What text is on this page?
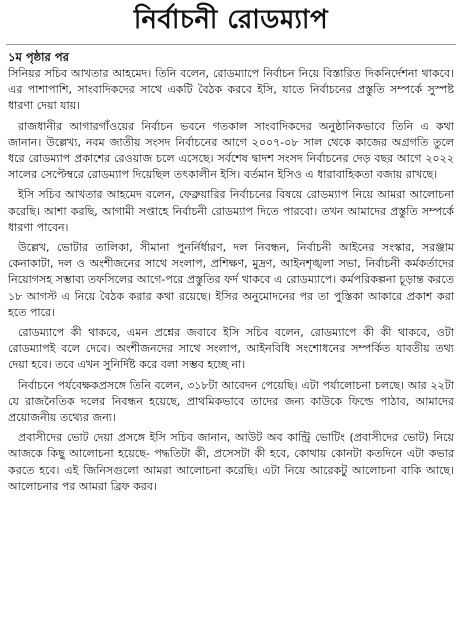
নির্বাচনী রোডম্যাপ
১ম পৃষ্ঠার পর

সিনিয়র সচিব আখতার আহমেদ। তিনি বলেন, রোডম্যাপে নির্বাচন নিয়ে বিস্তারিত দিকনির্দেশনা থাকবে। এর পাশাপাশি, সাংবাদিকদের সাথে একটি বৈঠক করবে ইসি, যাতে নির্বাচনের প্রস্তুতি সম্পর্কে সুস্পষ্ট ধারণা দেয়া যায়।

রাজধানীর আগারগাঁওয়ের নির্বাচন ভবনে গতকাল সাংবাদিকদের অনুষ্ঠানিকভাবে তিনি এ কথা জানান। উল্লেখ্য, নবম জাতীয় সংসদ নির্বাচনের আগে ২০০৭-০৮ সাল থেকে কাজের অগ্রগতি তুলে ধরে রোডম্যাপ প্রকাশের রেওয়াজ চলে এসেছে। সর্বশেষ দ্বাদশ সংসদ নির্বাচনের দেড় বছর আগে ২০২২ সালের সেপ্টেম্বরে রোডম্যাপ দিয়েছিল তৎকালীন ইসি। বর্তমান ইসিও এ ধারাবাহিকতা বজায় রাখছে।

ইসি সচিব আখতার আহমেদ বলেন, ফেব্রুয়ারির নির্বাচনের বিষয়ে রোডম্যাপ নিয়ে আমরা আলোচনা করেছি। আশা করছি, আগামী সপ্তাহে নির্বাচনী রোডম্যাপ দিতে পারবো। তখন আমাদের প্রস্তুতি সম্পর্কে ধারণা পাবেন।

উল্লেখ, ভোটার তালিকা, সীমানা পুনর্নির্ধারণ, দল নিবন্ধন, নির্বাচনী আইনের সংস্কার, সরঞ্জাম কেনাকাটা, দল ও অংশীজনের সাথে সংলাপ, প্রশিক্ষণ, মুদ্রণ, আইনশৃঙ্খলা সভা, নির্বাচনী কর্মকর্তাদের নিয়োগসহ সম্ভাব্য তফসিলের আগে-পরে প্রস্তুতির ফর্দ থাকবে এ রোডম্যাপে। কর্মপরিকল্পনা চূড়ান্ত করতে ১৮ আগস্ট এ নিয়ে বৈঠক করার কথা রয়েছে। ইসির অনুমোদনের পর তা পুস্তিকা আকারে প্রকাশ করা হতে পারে।

রোডম্যাপে কী থাকবে, এমন প্রশ্নের জবাবে ইসি সচিব বলেন, রোডম্যাপে কী কী থাকবে, ওটা রোডম্যাপই বলে দেবে। অংশীজনদের সাথে সংলাপ, আইনবিধি সংশোধনের সম্পর্কিত যাবতীয় তথ্য দেয়া হবে। তবে এখন সুনির্দিষ্ট করে বলা সম্ভব হচ্ছে না।

নির্বাচনে পর্যবেক্ষকপ্রসঙ্গে তিনি বলেন, ৩১৮টা আবেদন পেয়েছি। এটা পর্যালোচনা চলছে। আর ২২টা যে রাজনৈতিক দলের নিবন্ধন হয়েছে, প্রাথমিকভাবে তাদের জন্য কাউকে ফিল্ডে পাঠাব, আমাদের প্রয়োজনীয় তথ্যের জন্য।

প্রবাসীদের ভোট দেয়া প্রসঙ্গে ইসি সচিব জানান, আউট অব কান্ট্রি ভোটিং (প্রবাসীদের ভোট) নিয়ে আজকে কিছু আলোচনা হয়েছে- পদ্ধতিটা কী, প্রসেসটা কী হবে, কোথায় কোনটা কতদিনে এটা কভার করতে হবে। এই জিনিসগুলো আমরা আলোচনা করেছি। এটা নিয়ে আরেকটু আলোচনা বাকি আছে। আলোচনার পর আমরা ব্রিফ করব।
